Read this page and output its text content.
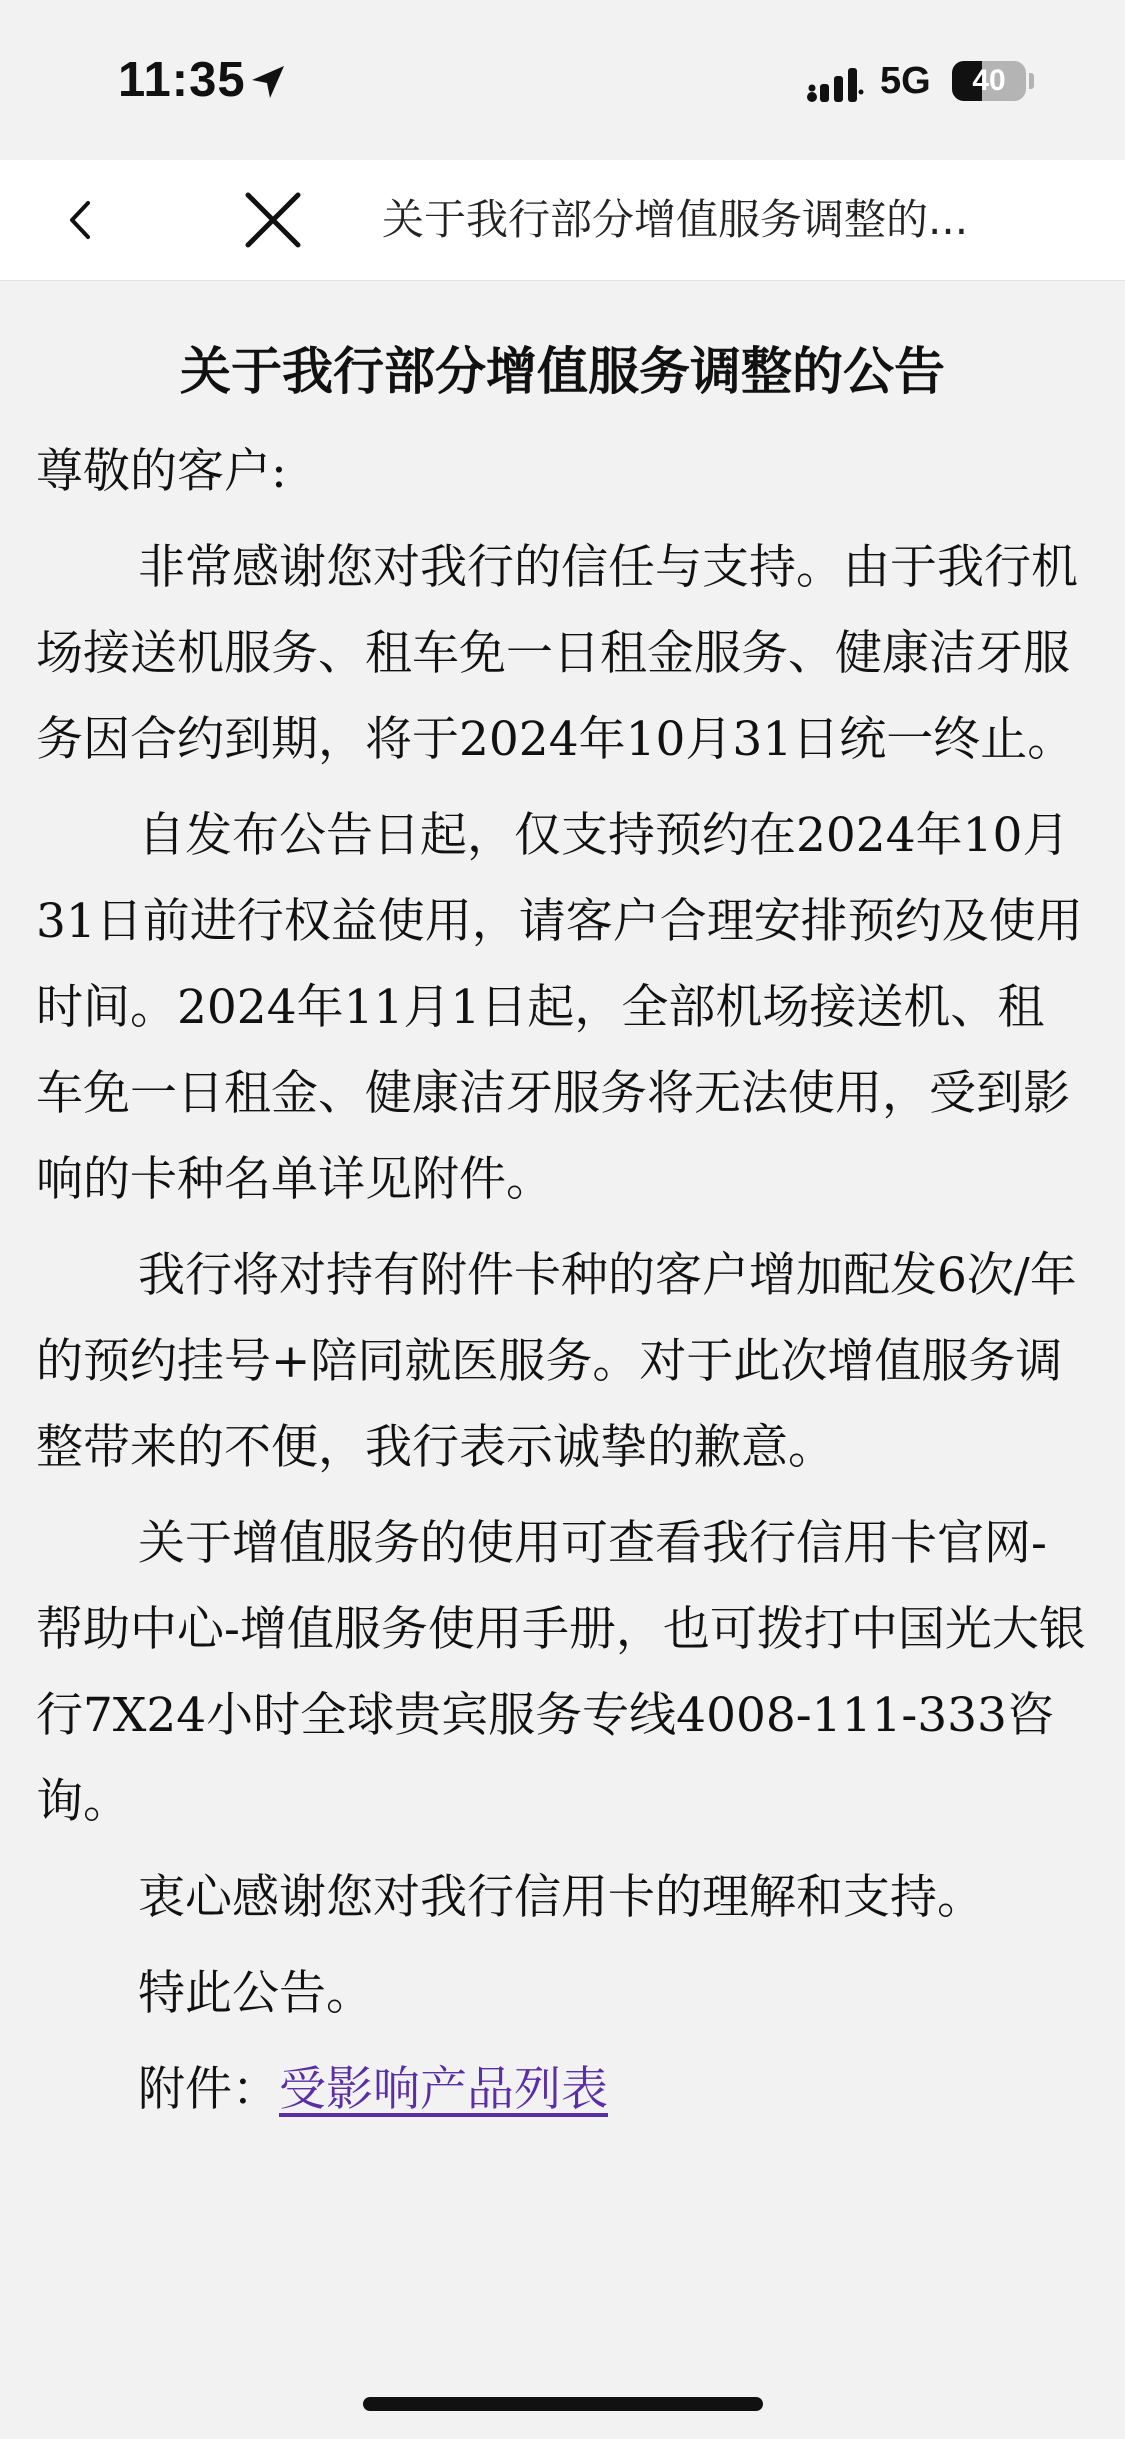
11:35	5G	40
关于我行部分增值服务调整的...
关于我行部分增值服务调整的公告

尊敬的客户:

非常感谢您对我行的信任与支持。由于我行机场接送机服务、租车免一日租金服务、健康洁牙服务因合约到期，将于2024年10月31日统一终止。

自发布公告日起，仅支持预约在2024年10月31日前进行权益使用，请客户合理安排预约及使用时间。2024年11月1日起，全部机场接送机、租车免一日租金、健康洁牙服务将无法使用，受到影响的卡种名单详见附件。

我行将对持有附件卡种的客户增加配发6次/年的预约挂号+陪同就医服务。对于此次增值服务调整带来的不便，我行表示诚挚的歉意。

关于增值服务的使用可查看我行信用卡官网-帮助中心-增值服务使用手册，也可拨打中国光大银行7X24小时全球贵宾服务专线4008-111-333咨询。

衷心感谢您对我行信用卡的理解和支持。

特此公告。

附件：受影响产品列表
